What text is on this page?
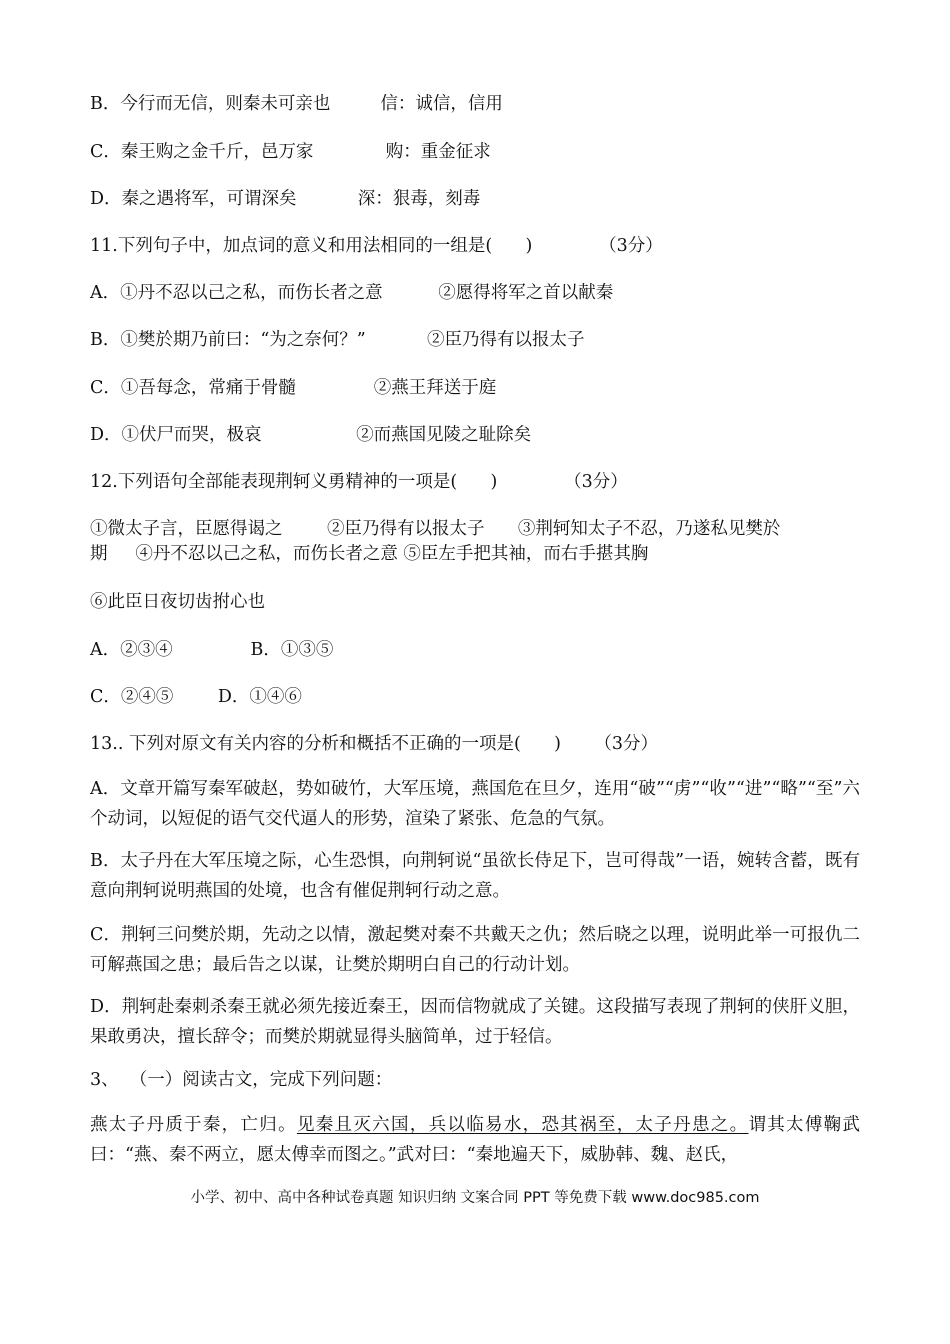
B．今行而无信，则秦未可亲也         信：诚信，信用
C．秦王购之金千斤，邑万家             购：重金征求
D．秦之遇将军，可谓深矣           深：狠毒，刻毒
11.下列句子中，加点词的意义和用法相同的一组是(      )            （3分）
A．①丹不忍以己之私，而伤长者之意          ②愿得将军之首以献秦
B．①樊於期乃前曰：“为之奈何？”           ②臣乃得有以报太子
C．①吾每念，常痛于骨髓              ②燕王拜送于庭
D．①伏尸而哭，极哀                 ②而燕国见陵之耻除矣
12.下列语句全部能表现荆轲义勇精神的一项是(      )            （3分）
①微太子言，臣愿得谒之        ②臣乃得有以报太子      ③荆轲知太子不忍，乃遂私见樊於
期     ④丹不忍以己之私，而伤长者之意 ⑤臣左手把其袖，而右手揕其胸
⑥此臣日夜切齿拊心也
A．②③④              B．①③⑤
C．②④⑤        D．①④⑥
13.. 下列对原文有关内容的分析和概括不正确的一项是(      )      （3分）
A．文章开篇写秦军破赵，势如破竹，大军压境，燕国危在旦夕，连用“破”“虏”“收”“进”“略”“至”六个动词，以短促的语气交代逼人的形势，渲染了紧张、危急的气氛。
B．太子丹在大军压境之际，心生恐惧，向荆轲说“虽欲长侍足下，岂可得哉”一语，婉转含蓄，既有意向荆轲说明燕国的处境，也含有催促荆轲行动之意。
C．荆轲三问樊於期，先动之以情，激起樊对秦不共戴天之仇；然后晓之以理，说明此举一可报仇二可解燕国之患；最后告之以谋，让樊於期明白自己的行动计划。
D．荆轲赴秦刺杀秦王就必须先接近秦王，因而信物就成了关键。这段描写表现了荆轲的侠肝义胆，果敢勇决，擅长辞令；而樊於期就显得头脑简单，过于轻信。
3、  （一）阅读古文，完成下列问题：
燕太子丹质于秦，亡归。见秦且灭六国，兵以临易水，恐其祸至，太子丹患之。谓其太傅鞠武曰：“燕、秦不两立，愿太傅幸而图之。”武对曰：“秦地遍天下，威胁韩、魏、赵氏，
小学、初中、高中各种试卷真题 知识归纳 文案合同 PPT 等免费下载 www.doc985.com
